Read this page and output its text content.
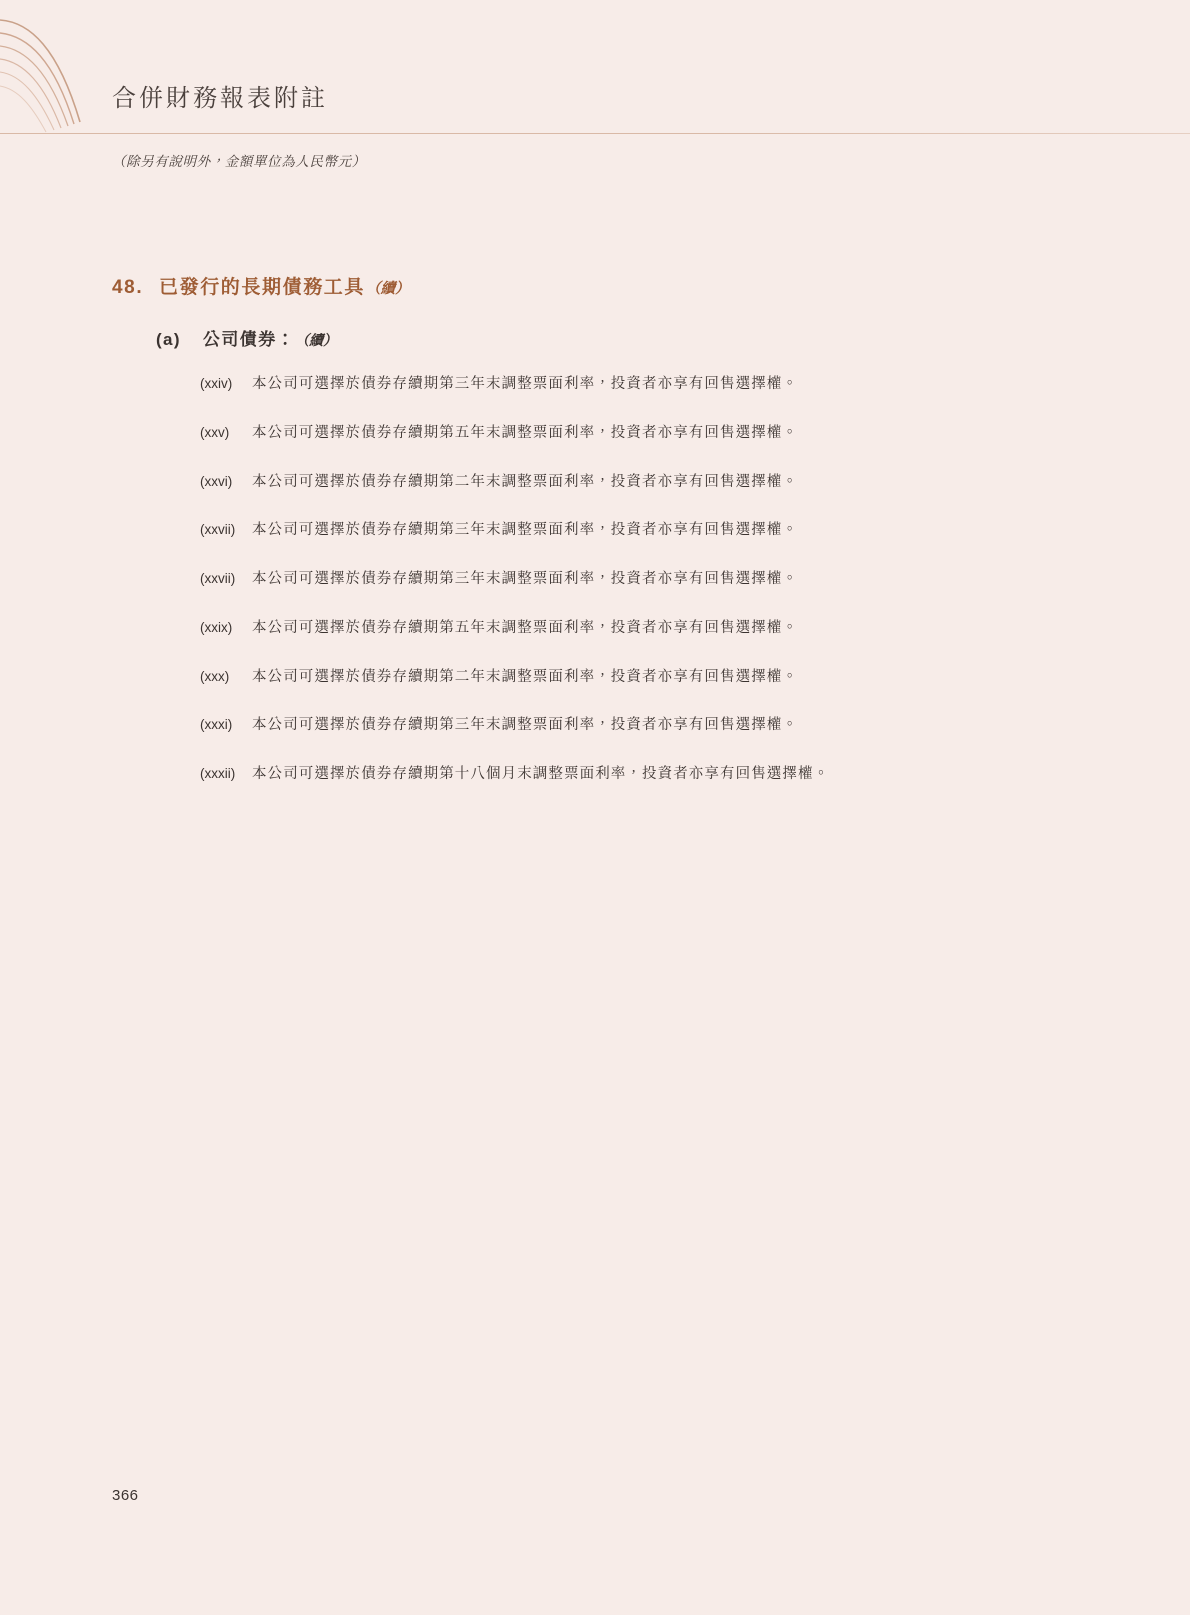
合併財務報表附註
（除另有說明外，金額單位為人民幣元）
48. 已發行的長期債務工具 （續）
(a)	公司債券： （續）
(xxiv)	本公司可選擇於債券存續期第三年末調整票面利率，投資者亦享有回售選擇權。
(xxv)	本公司可選擇於債券存續期第五年末調整票面利率，投資者亦享有回售選擇權。
(xxvi)	本公司可選擇於債券存續期第二年末調整票面利率，投資者亦享有回售選擇權。
(xxvii)	本公司可選擇於債券存續期第三年末調整票面利率，投資者亦享有回售選擇權。
(xxvii)	本公司可選擇於債券存續期第三年末調整票面利率，投資者亦享有回售選擇權。
(xxix)	本公司可選擇於債券存續期第五年末調整票面利率，投資者亦享有回售選擇權。
(xxx)	本公司可選擇於債券存續期第二年末調整票面利率，投資者亦享有回售選擇權。
(xxxi)	本公司可選擇於債券存續期第三年末調整票面利率，投資者亦享有回售選擇權。
(xxxii)	本公司可選擇於債券存續期第十八個月末調整票面利率，投資者亦享有回售選擇權。
366
